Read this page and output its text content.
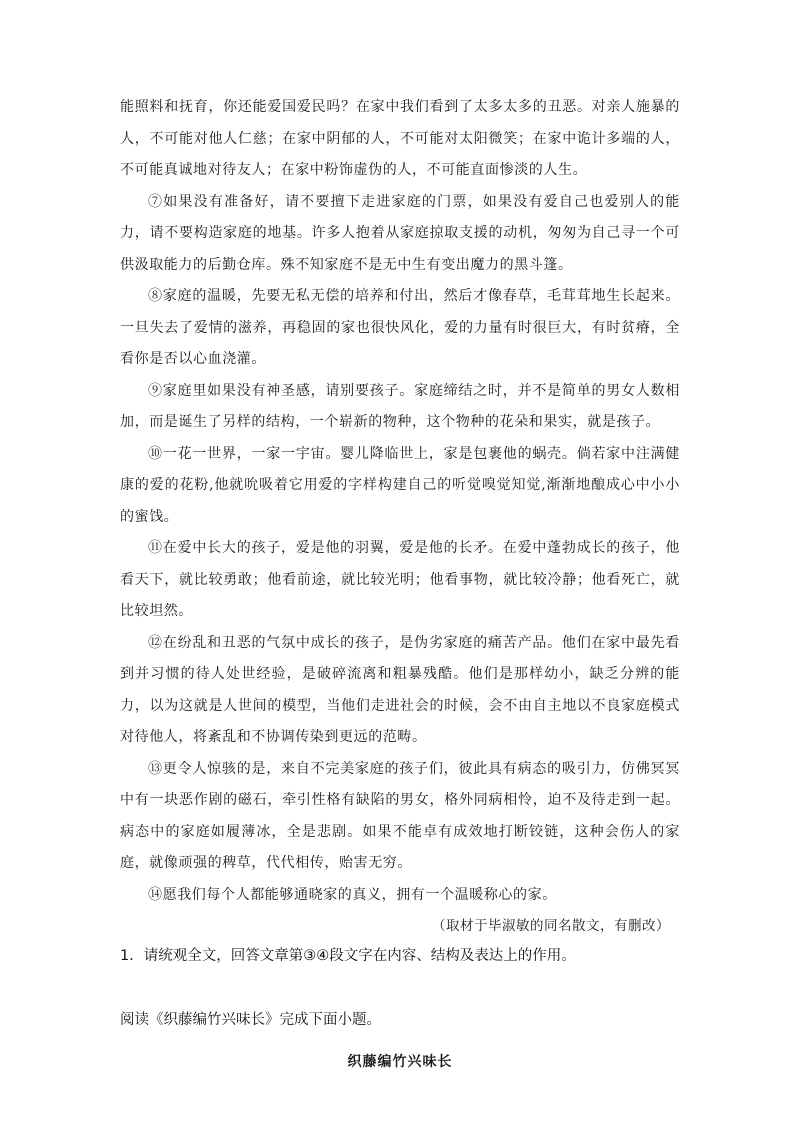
能照料和抚育，你还能爱国爱民吗？在家中我们看到了太多太多的丑恶。对亲人施暴的人，不可能对他人仁慈；在家中阴郁的人，不可能对太阳微笑；在家中诡计多端的人，不可能真诚地对待友人；在家中粉饰虚伪的人，不可能直面惨淡的人生。

⑦如果没有准备好，请不要擅下走进家庭的门票，如果没有爱自己也爱别人的能力，请不要构造家庭的地基。许多人抱着从家庭掠取支援的动机，匆匆为自己寻一个可供汲取能力的后勤仓库。殊不知家庭不是无中生有变出魔力的黑斗篷。

⑧家庭的温暖，先要无私无偿的培养和付出，然后才像春草，毛茸茸地生长起来。一旦失去了爱情的滋养，再稳固的家也很快风化，爱的力量有时很巨大，有时贫瘠，全看你是否以心血浇灌。

⑨家庭里如果没有神圣感，请别要孩子。家庭缔结之时，并不是简单的男女人数相加，而是诞生了另样的结构，一个崭新的物种，这个物种的花朵和果实，就是孩子。

⑩一花一世界，一家一宇宙。婴儿降临世上，家是包裹他的蜗壳。倘若家中注满健康的爱的花粉,他就吮吸着它用爱的字样构建自己的听觉嗅觉知觉,渐渐地酿成心中小小的蜜饯。

⑪在爱中长大的孩子，爱是他的羽翼，爱是他的长矛。在爱中蓬勃成长的孩子，他看天下，就比较勇敢；他看前途，就比较光明；他看事物，就比较冷静；他看死亡，就比较坦然。

⑫在纷乱和丑恶的气氛中成长的孩子，是伪劣家庭的痛苦产品。他们在家中最先看到并习惯的待人处世经验，是破碎流离和粗暴残酷。他们是那样幼小，缺乏分辨的能力，以为这就是人世间的模型，当他们走进社会的时候，会不由自主地以不良家庭模式对待他人，将紊乱和不协调传染到更远的范畴。

⑬更令人惊骇的是，来自不完美家庭的孩子们，彼此具有病态的吸引力，仿佛冥冥中有一块恶作剧的磁石，牵引性格有缺陷的男女，格外同病相怜，迫不及待走到一起。病态中的家庭如履薄冰，全是悲剧。如果不能卓有成效地打断铰链，这种会伤人的家庭，就像顽强的稗草，代代相传，贻害无穷。

⑭愿我们每个人都能够通晓家的真义，拥有一个温暖称心的家。

（取材于毕淑敏的同名散文，有删改）

1．请统观全文，回答文章第③④段文字在内容、结构及表达上的作用。

阅读《织藤编竹兴味长》完成下面小题。

织藤编竹兴味长
